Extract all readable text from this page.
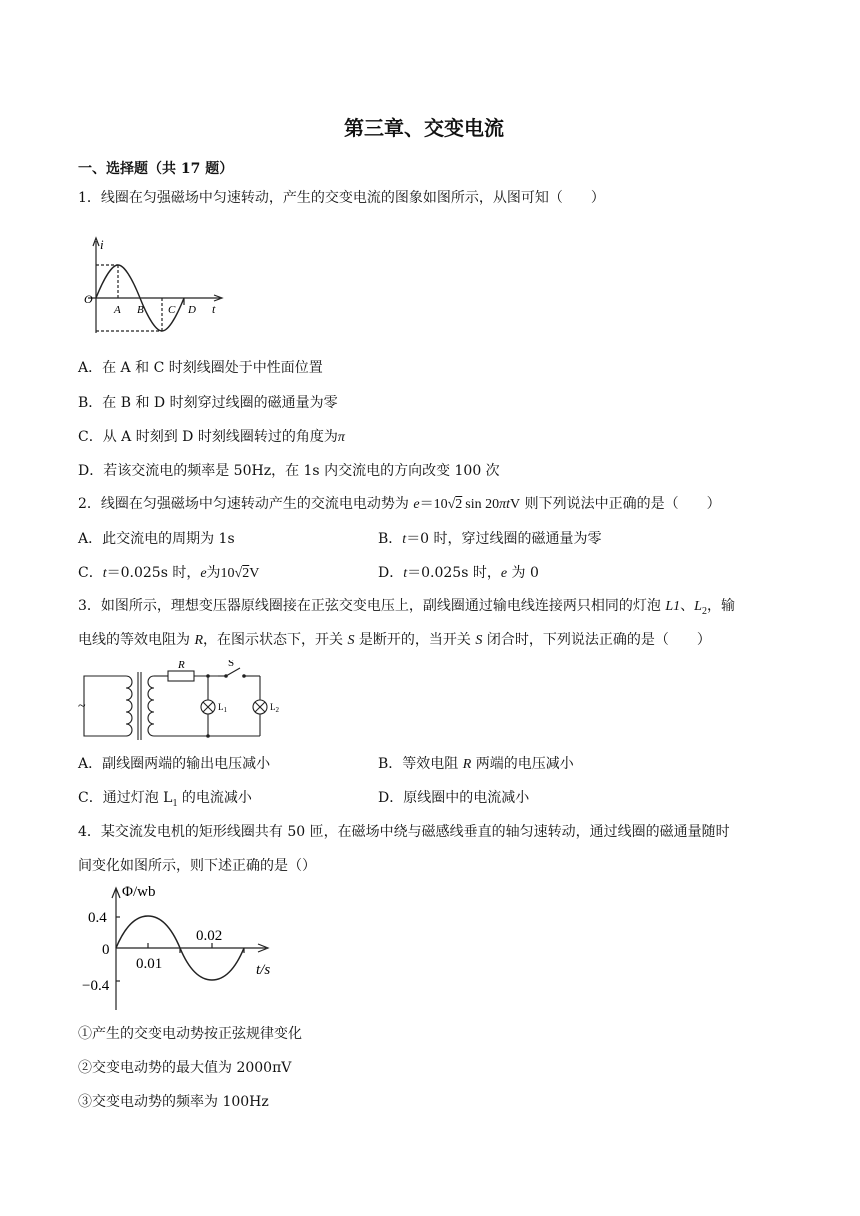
第三章、交变电流
一、选择题（共 17 题）
1．线圈在匀强磁场中匀速转动，产生的交变电流的图象如图所示，从图可知（　　）
i
O
t
A B C D
A．在 A 和 C 时刻线圈处于中性面位置
B．在 B 和 D 时刻穿过线圈的磁通量为零
C．从 A 时刻到 D 时刻线圈转过的角度为π
D．若该交流电的频率是 50Hz，在 1s 内交流电的方向改变 100 次
2．线圈在匀强磁场中匀速转动产生的交流电电动势为 e＝10√2 sin 20πtV 则下列说法中正确的是（　　）
A．此交流电的周期为 1s	B．t＝0 时，穿过线圈的磁通量为零
C．t＝0.025s 时，e为10√2V	D．t＝0.025s 时，e 为 0
3．如图所示，理想变压器原线圈接在正弦交变电压上，副线圈通过输电线连接两只相同的灯泡 L1、$L_2$，输
电线的等效电阻为 R，在图示状态下，开关 S 是断开的，当开关 S 闭合时，下列说法正确的是（　　）
~
R	S
$L_1$	$L_2$
A．副线圈两端的输出电压减小	B．等效电阻 R 两端的电压减小
C．通过灯泡 $L_1$ 的电流减小	D．原线圈中的电流减小
4．某交流发电机的矩形线圈共有 50 匝，在磁场中绕与磁感线垂直的轴匀速转动，通过线圈的磁通量随时
间变化如图所示，则下述正确的是（）
Φ/wb
0.4
0
−0.4
0.01
0.02
t/s
①产生的交变电动势按正弦规律变化
②交变电动势的最大值为 2000πV
③交变电动势的频率为 100Hz
